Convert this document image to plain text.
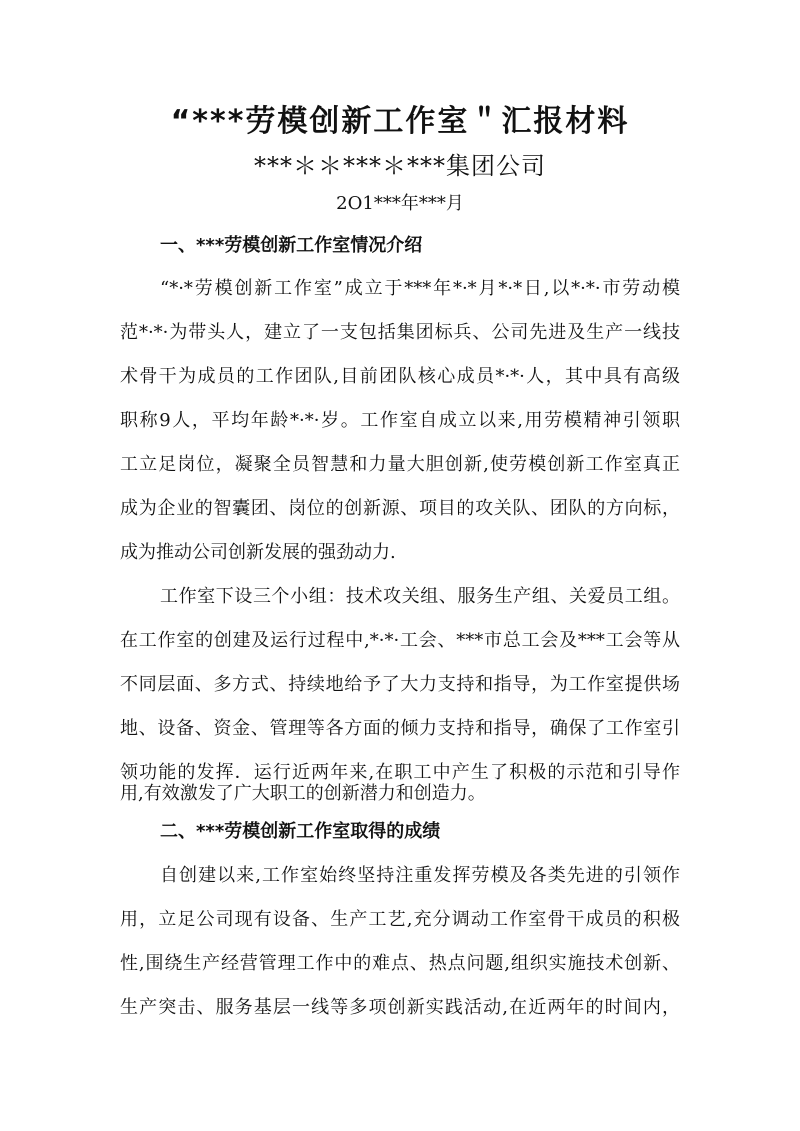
“***劳模创新工作室＂汇报材料

***＊＊***＊***集团公司

2O1***年***月

一、***劳模创新工作室情况介绍

“*·*劳模创新工作室”成立于***年*·*月*·*日,以*·*·市劳动模

范*·*·为带头人，建立了一支包括集团标兵、公司先进及生产一线技

术骨干为成员的工作团队,目前团队核心成员*·*·人，其中具有高级

职称9人，平均年龄*·*·岁。工作室自成立以来,用劳模精神引领职

工立足岗位，凝聚全员智慧和力量大胆创新,使劳模创新工作室真正

成为企业的智囊团、岗位的创新源、项目的攻关队、团队的方向标，

成为推动公司创新发展的强劲动力.

工作室下设三个小组：技术攻关组、服务生产组、关爱员工组。

在工作室的创建及运行过程中,*·*·工会、***市总工会及***工会等从

不同层面、多方式、持续地给予了大力支持和指导，为工作室提供场

地、设备、资金、管理等各方面的倾力支持和指导，确保了工作室引

领功能的发挥．运行近两年来,在职工中产生了积极的示范和引导作

用,有效激发了广大职工的创新潜力和创造力。

二、***劳模创新工作室取得的成绩

自创建以来,工作室始终坚持注重发挥劳模及各类先进的引领作

用，立足公司现有设备、生产工艺,充分调动工作室骨干成员的积极

性,围绕生产经营管理工作中的难点、热点问题,组织实施技术创新、

生产突击、服务基层一线等多项创新实践活动,在近两年的时间内，
